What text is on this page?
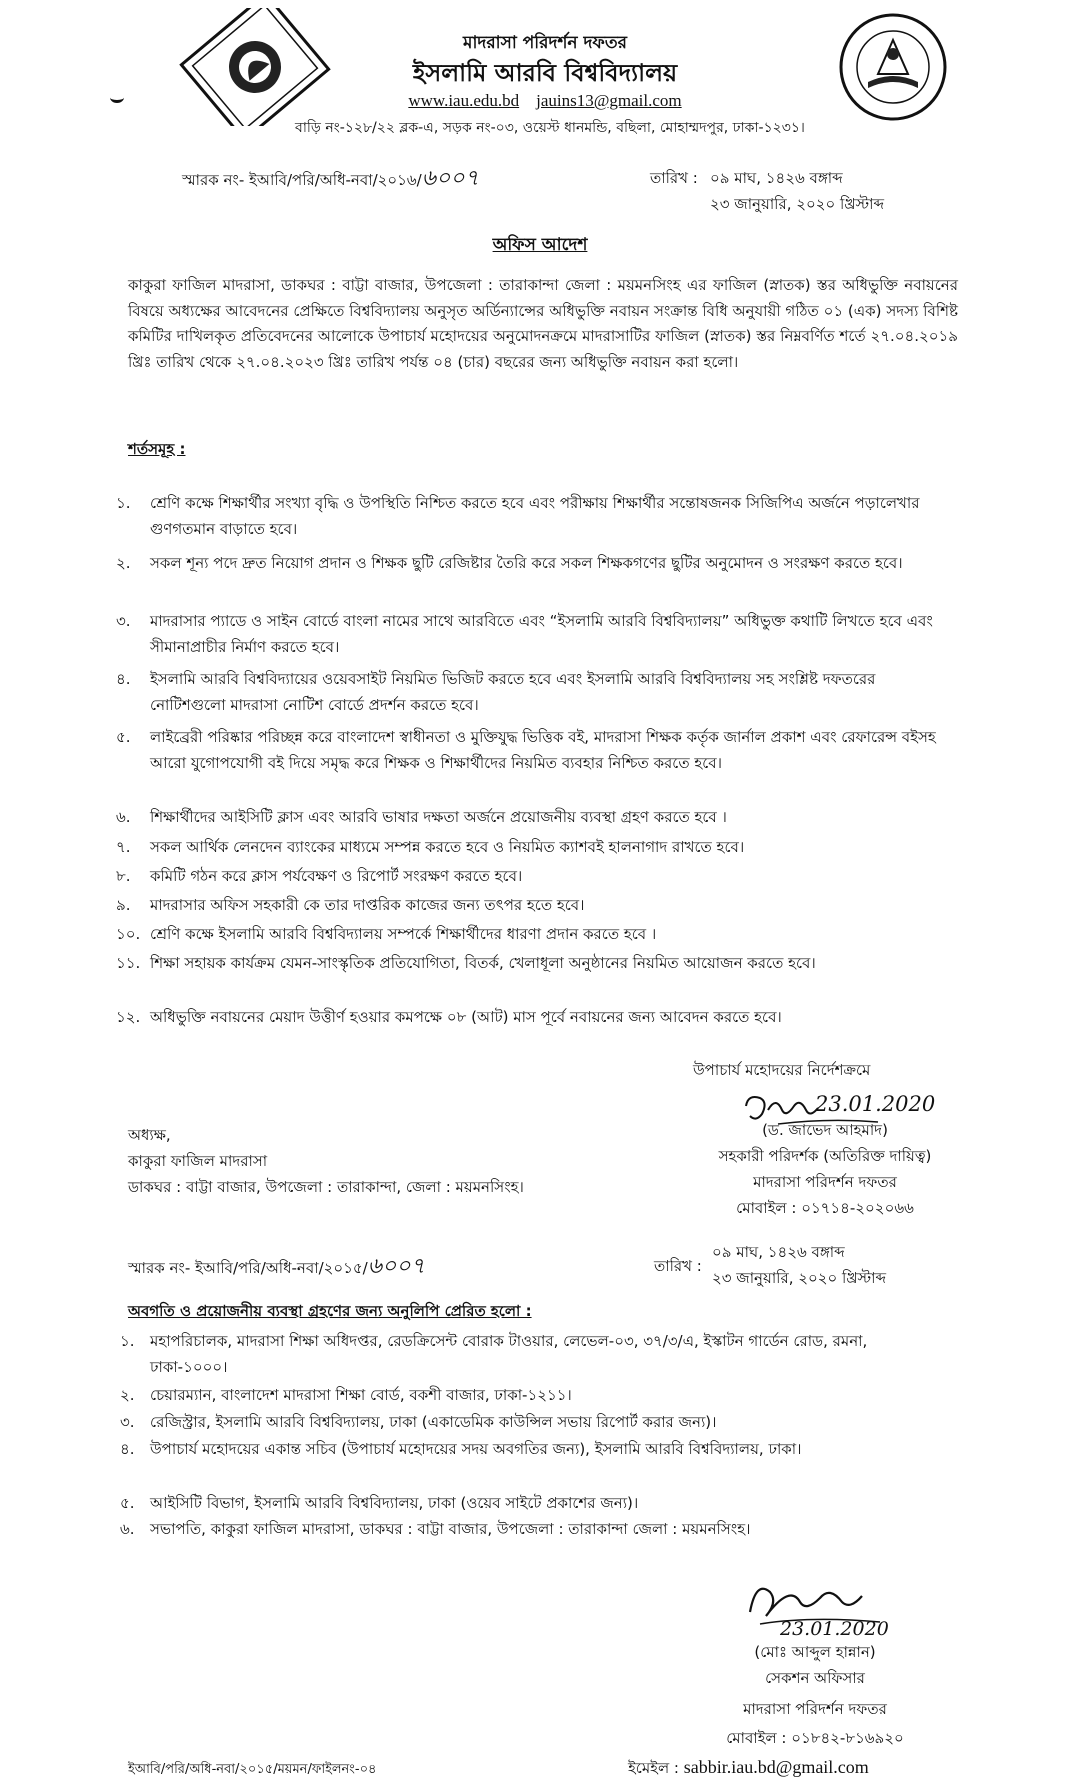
মাদরাসা পরিদর্শন দফতর
ইসলামি আরবি বিশ্ববিদ্যালয়
www.iau.edu.bd jauins13@gmail.com
বাড়ি নং-১২৮/২২ ব্লক-এ, সড়ক নং-০৩, ওয়েস্ট ধানমন্ডি, বছিলা, মোহাম্মদপুর, ঢাকা-১২৩১।
স্মারক নং- ইআবি/পরি/অধি-নবা/২০১৬/৬০০৭	তারিখ : ০৯ মাঘ, ১৪২৬ বঙ্গাব্দ
২৩ জানুয়ারি, ২০২০ খ্রিস্টাব্দ
অফিস আদেশ
কাকুরা ফাজিল মাদরাসা, ডাকঘর : বাট্টা বাজার, উপজেলা : তারাকান্দা জেলা : ময়মনসিংহ এর ফাজিল (স্নাতক) স্তর অধিভুক্তি নবায়নের বিষয়ে অধ্যক্ষের আবেদনের প্রেক্ষিতে বিশ্ববিদ্যালয় অনুসৃত অর্ডিন্যান্সের অধিভুক্তি নবায়ন সংক্রান্ত বিধি অনুযায়ী গঠিত ০১ (এক) সদস্য বিশিষ্ট কমিটির দাখিলকৃত প্রতিবেদনের আলোকে উপাচার্য মহোদয়ের অনুমোদনক্রমে মাদরাসাটির ফাজিল (স্নাতক) স্তর নিম্নবর্ণিত শর্তে ২৭.০৪.২০১৯ খ্রিঃ তারিখ থেকে ২৭.০৪.২০২৩ খ্রিঃ তারিখ পর্যন্ত ০৪ (চার) বছরের জন্য অধিভুক্তি নবায়ন করা হলো।
শর্তসমূহ :
১. শ্রেণি কক্ষে শিক্ষার্থীর সংখ্যা বৃদ্ধি ও উপস্থিতি নিশ্চিত করতে হবে এবং পরীক্ষায় শিক্ষার্থীর সন্তোষজনক সিজিপিএ অর্জনে পড়ালেখার গুণগতমান বাড়াতে হবে।
২. সকল শূন্য পদে দ্রুত নিয়োগ প্রদান ও শিক্ষক ছুটি রেজিষ্টার তৈরি করে সকল শিক্ষকগণের ছুটির অনুমোদন ও সংরক্ষণ করতে হবে।
৩. মাদরাসার প্যাডে ও সাইন বোর্ডে বাংলা নামের সাথে আরবিতে এবং “ইসলামি আরবি বিশ্ববিদ্যালয়” অধিভুক্ত কথাটি লিখতে হবে এবং সীমানাপ্রাচীর নির্মাণ করতে হবে।
৪. ইসলামি আরবি বিশ্ববিদ্যায়ের ওয়েবসাইট নিয়মিত ভিজিট করতে হবে এবং ইসলামি আরবি বিশ্ববিদ্যালয় সহ সংশ্লিষ্ট দফতরের নোটিশগুলো মাদরাসা নোটিশ বোর্ডে প্রদর্শন করতে হবে।
৫. লাইব্রেরী পরিষ্কার পরিচ্ছন্ন করে বাংলাদেশ স্বাধীনতা ও মুক্তিযুদ্ধ ভিত্তিক বই, মাদরাসা শিক্ষক কর্তৃক জার্নাল প্রকাশ এবং রেফারেন্স বইসহ আরো যুগোপযোগী বই দিয়ে সমৃদ্ধ করে শিক্ষক ও শিক্ষার্থীদের নিয়মিত ব্যবহার নিশ্চিত করতে হবে।
৬. শিক্ষার্থীদের আইসিটি ক্লাস এবং আরবি ভাষার দক্ষতা অর্জনে প্রয়োজনীয় ব্যবস্থা গ্রহণ করতে হবে ।
৭. সকল আর্থিক লেনদেন ব্যাংকের মাধ্যমে সম্পন্ন করতে হবে ও নিয়মিত ক্যাশবই হালনাগাদ রাখতে হবে।
৮. কমিটি গঠন করে ক্লাস পর্যবেক্ষণ ও রিপোর্ট সংরক্ষণ করতে হবে।
৯. মাদরাসার অফিস সহকারী কে তার দাপ্তরিক কাজের জন্য তৎপর হতে হবে।
১০. শ্রেণি কক্ষে ইসলামি আরবি বিশ্ববিদ্যালয় সম্পর্কে শিক্ষার্থীদের ধারণা প্রদান করতে হবে ।
১১. শিক্ষা সহায়ক কার্যক্রম যেমন-সাংস্কৃতিক প্রতিযোগিতা, বিতর্ক, খেলাধূলা অনুষ্ঠানের নিয়মিত আয়োজন করতে হবে।
১২. অধিভুক্তি নবায়নের মেয়াদ উত্তীর্ণ হওয়ার কমপক্ষে ০৮ (আট) মাস পূর্বে নবায়নের জন্য আবেদন করতে হবে।
উপাচার্য মহোদয়ের নির্দেশক্রমে
23.01.2020
(ড. জাভেদ আহমাদ)
সহকারী পরিদর্শক (অতিরিক্ত দায়িত্ব)
মাদরাসা পরিদর্শন দফতর
মোবাইল : ০১৭১৪-২০২০৬৬
অধ্যক্ষ,
কাকুরা ফাজিল মাদরাসা
ডাকঘর : বাট্টা বাজার, উপজেলা : তারাকান্দা, জেলা : ময়মনসিংহ।
স্মারক নং- ইআবি/পরি/অধি-নবা/২০১৫/৬০০৭	তারিখ :
০৯ মাঘ, ১৪২৬ বঙ্গাব্দ
২৩ জানুয়ারি, ২০২০ খ্রিস্টাব্দ
অবগতি ও প্রয়োজনীয় ব্যবস্থা গ্রহণের জন্য অনুলিপি প্রেরিত হলো :
১. মহাপরিচালক, মাদরাসা শিক্ষা অধিদপ্তর, রেডক্রিসেন্ট বোরাক টাওয়ার, লেভেল-০৩, ৩৭/৩/এ, ইস্কাটন গার্ডেন রোড, রমনা, ঢাকা-১০০০।
২. চেয়ারম্যান, বাংলাদেশ মাদরাসা শিক্ষা বোর্ড, বকশী বাজার, ঢাকা-১২১১।
৩. রেজিস্ট্রার, ইসলামি আরবি বিশ্ববিদ্যালয়, ঢাকা (একাডেমিক কাউন্সিল সভায় রিপোর্ট করার জন্য)।
৪. উপাচার্য মহোদয়ের একান্ত সচিব (উপাচার্য মহোদয়ের সদয় অবগতির জন্য), ইসলামি আরবি বিশ্ববিদ্যালয়, ঢাকা।
৫. আইসিটি বিভাগ, ইসলামি আরবি বিশ্ববিদ্যালয়, ঢাকা (ওয়েব সাইটে প্রকাশের জন্য)।
৬. সভাপতি, কাকুরা ফাজিল মাদরাসা, ডাকঘর : বাট্টা বাজার, উপজেলা : তারাকান্দা জেলা : ময়মনসিংহ।
23.01.2020
(মোঃ আব্দুল হান্নান)
সেকশন অফিসার
মাদরাসা পরিদর্শন দফতর
মোবাইল : ০১৮৪২-৮১৬৯২০
ইমেইল : sabbir.iau.bd@gmail.com
ইআবি/পরি/অধি-নবা/২০১৫/ময়মন/ফাইলনং-০৪
